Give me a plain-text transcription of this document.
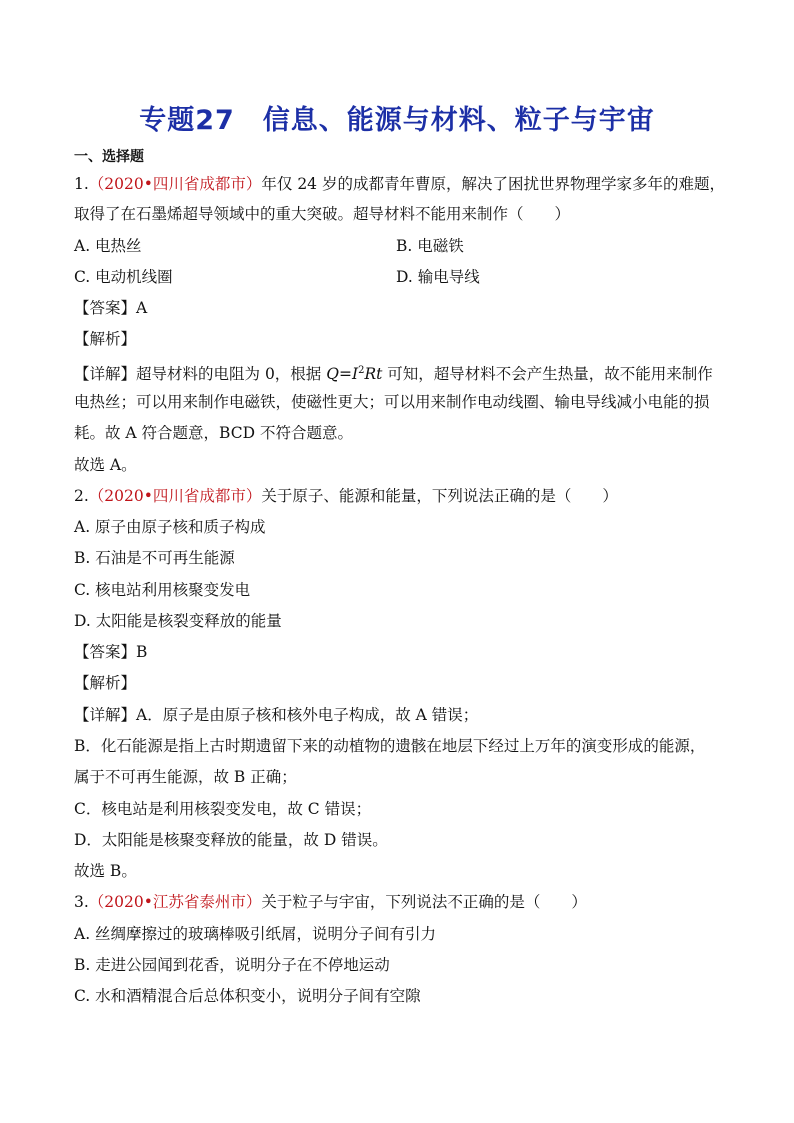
专题27　信息、能源与材料、粒子与宇宙
一、选择题
1.（2020•四川省成都市）年仅 24 岁的成都青年曹原，解决了困扰世界物理学家多年的难题，
取得了在石墨烯超导领域中的重大突破。超导材料不能用来制作（　　）
A. 电热丝	B. 电磁铁
C. 电动机线圈	D. 输电导线
【答案】A
【解析】
【详解】超导材料的电阻为 0，根据 $Q=I^2Rt$ 可知，超导材料不会产生热量，故不能用来制作
电热丝；可以用来制作电磁铁，使磁性更大；可以用来制作电动线圈、输电导线减小电能的损
耗。故 A 符合题意，BCD 不符合题意。
故选 A。
2.（2020•四川省成都市）关于原子、能源和能量，下列说法正确的是（　　）
A. 原子由原子核和质子构成
B. 石油是不可再生能源
C. 核电站利用核聚变发电
D. 太阳能是核裂变释放的能量
【答案】B
【解析】
【详解】A．原子是由原子核和核外电子构成，故 A 错误；
B．化石能源是指上古时期遗留下来的动植物的遗骸在地层下经过上万年的演变形成的能源，
属于不可再生能源，故 B 正确；
C．核电站是利用核裂变发电，故 C 错误；
D．太阳能是核聚变释放的能量，故 D 错误。
故选 B。
3.（2020•江苏省泰州市）关于粒子与宇宙，下列说法不正确的是（　　）
A. 丝绸摩擦过的玻璃棒吸引纸屑，说明分子间有引力
B. 走进公园闻到花香，说明分子在不停地运动
C. 水和酒精混合后总体积变小，说明分子间有空隙
